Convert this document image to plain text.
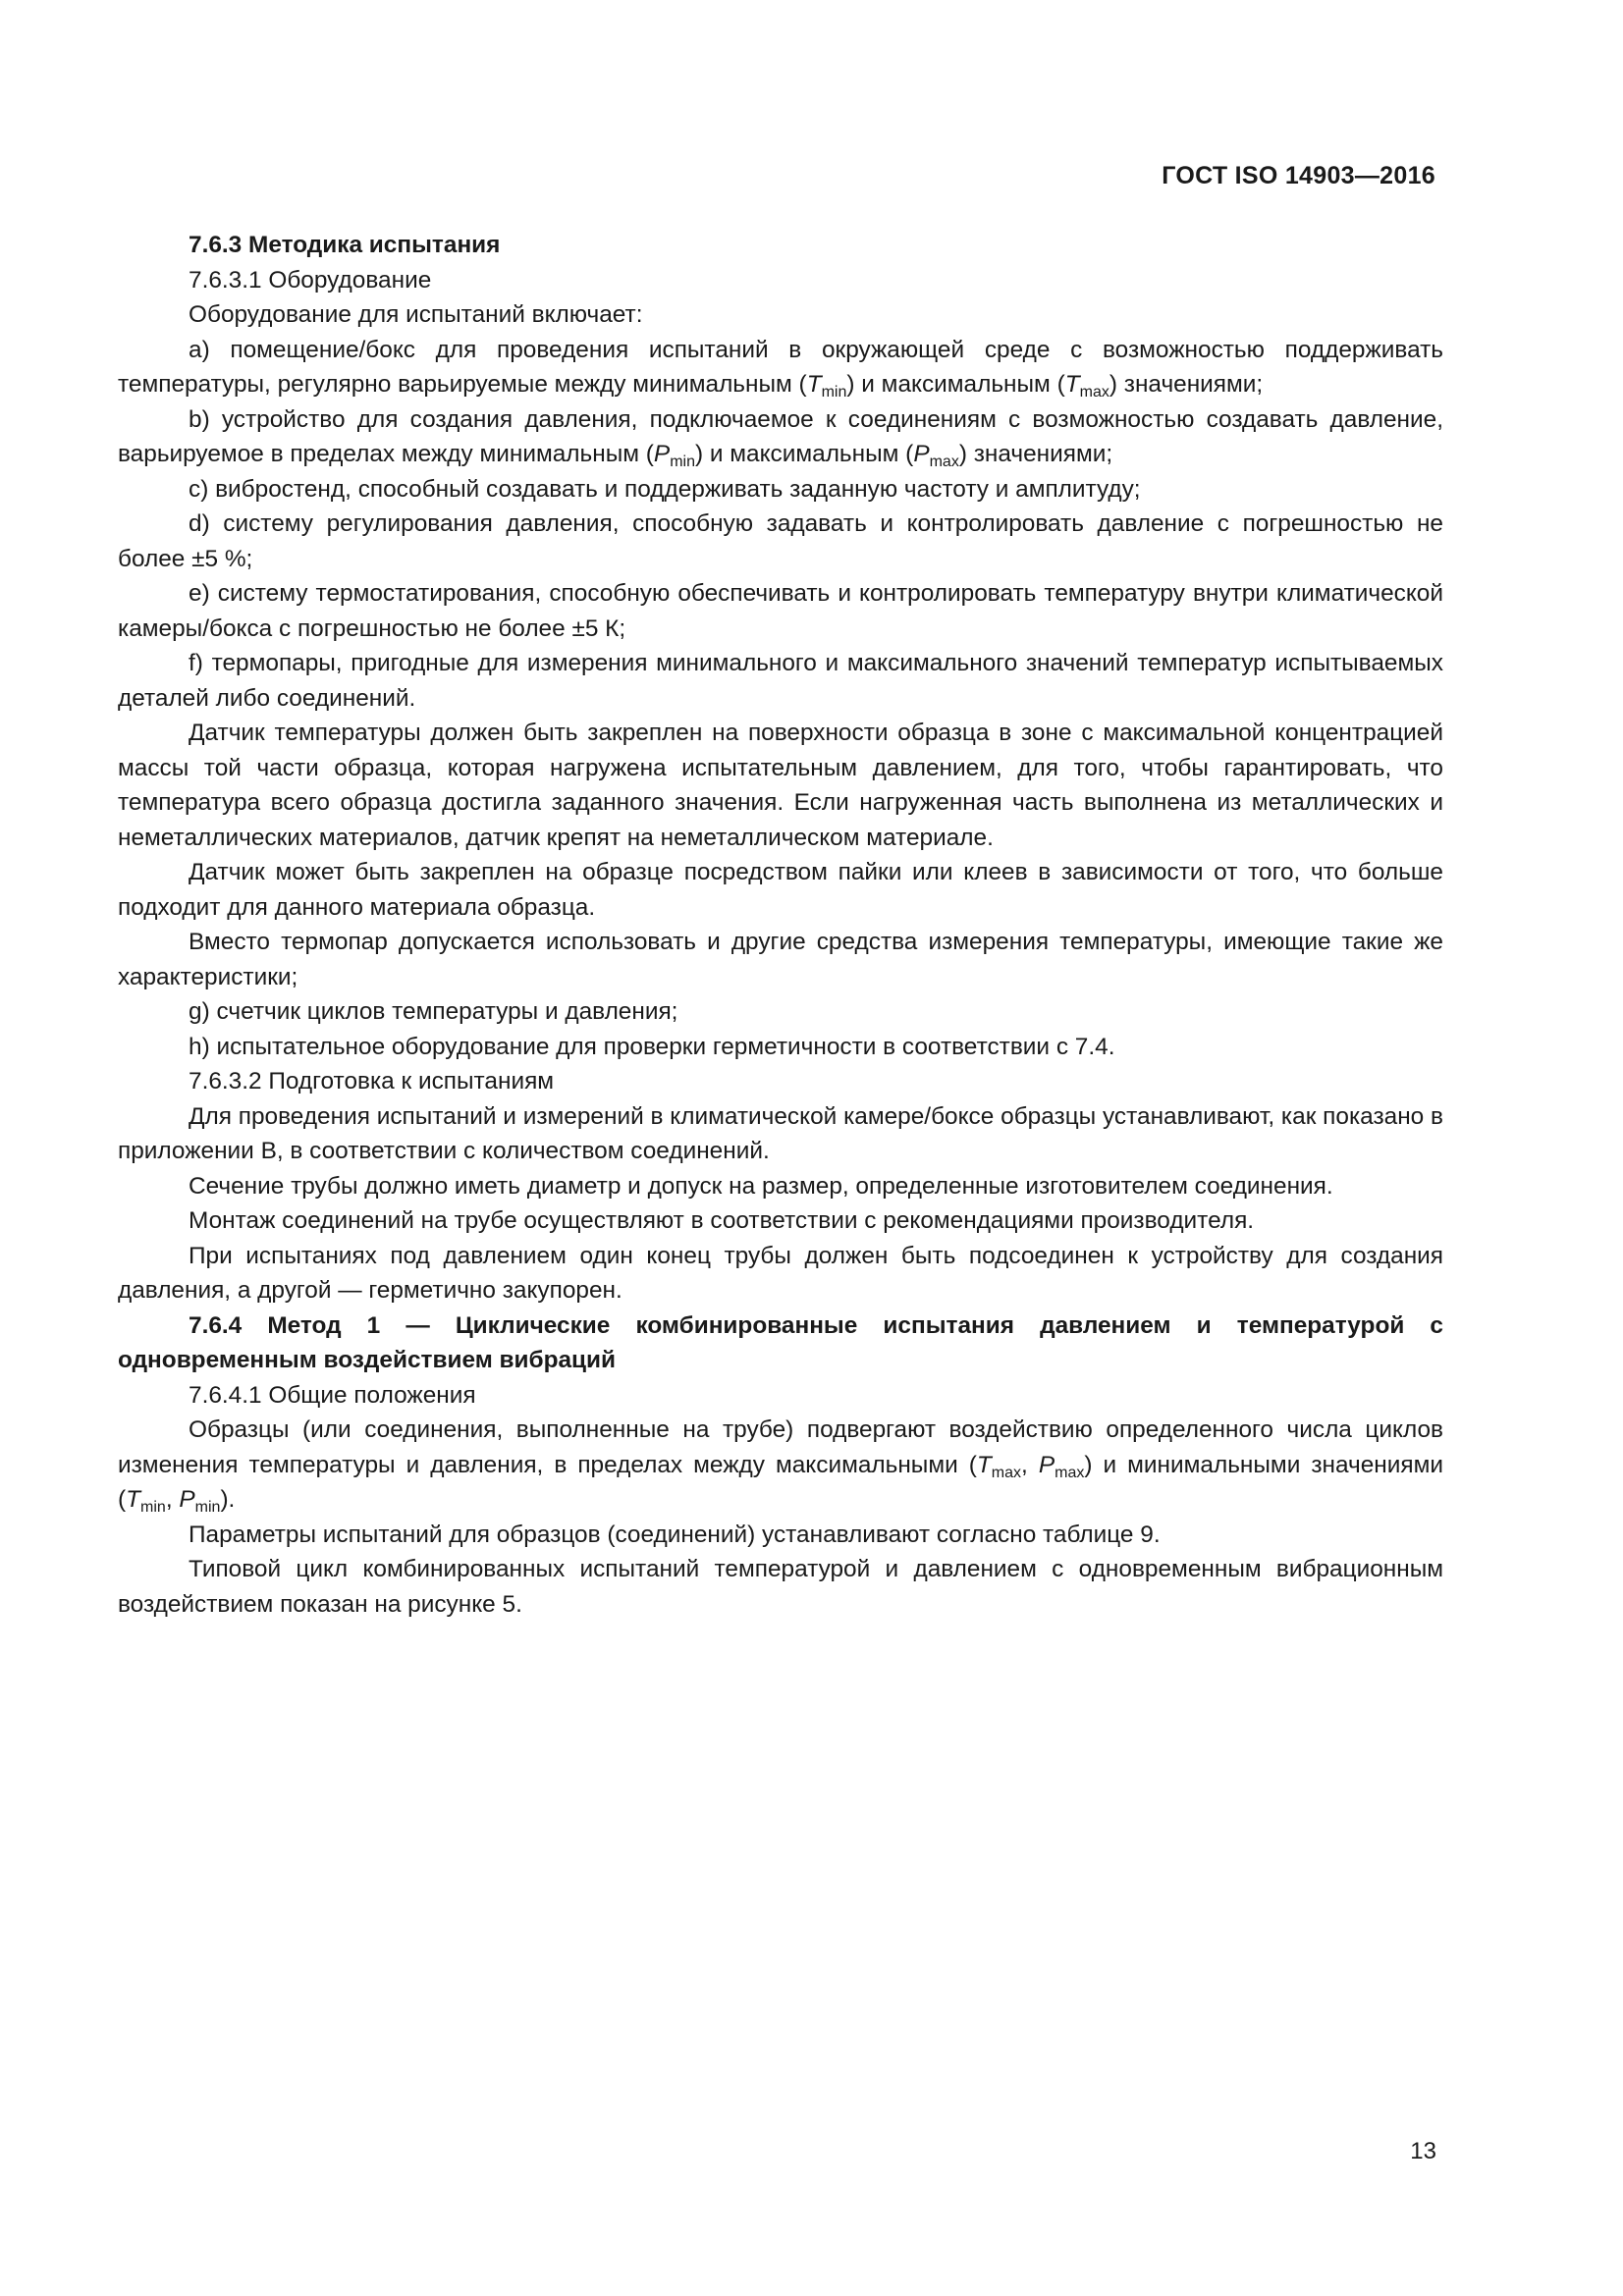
ГОСТ ISO 14903—2016

7.6.3 Методика испытания

7.6.3.1 Оборудование

Оборудование для испытаний включает:

a) помещение/бокс для проведения испытаний в окружающей среде с возможностью поддерживать температуры, регулярно варьируемые между минимальным $(T_{min})$ и максимальным $(T_{max})$ значениями;

b) устройство для создания давления, подключаемое к соединениям с возможностью создавать давление, варьируемое в пределах между минимальным $(P_{min})$ и максимальным $(P_{max})$ значениями;

c) вибростенд, способный создавать и поддерживать заданную частоту и амплитуду;

d) систему регулирования давления, способную задавать и контролировать давление с погрешностью не более ±5 %;

e) систему термостатирования, способную обеспечивать и контролировать температуру внутри климатической камеры/бокса с погрешностью не более ±5 К;

f) термопары, пригодные для измерения минимального и максимального значений температур испытываемых деталей либо соединений.

Датчик температуры должен быть закреплен на поверхности образца в зоне с максимальной концентрацией массы той части образца, которая нагружена испытательным давлением, для того, чтобы гарантировать, что температура всего образца достигла заданного значения. Если нагруженная часть выполнена из металлических и неметаллических материалов, датчик крепят на неметаллическом материале.

Датчик может быть закреплен на образце посредством пайки или клеев в зависимости от того, что больше подходит для данного материала образца.

Вместо термопар допускается использовать и другие средства измерения температуры, имеющие такие же характеристики;

g) счетчик циклов температуры и давления;

h) испытательное оборудование для проверки герметичности в соответствии с 7.4.

7.6.3.2 Подготовка к испытаниям

Для проведения испытаний и измерений в климатической камере/боксе образцы устанавливают, как показано в приложении В, в соответствии с количеством соединений.

Сечение трубы должно иметь диаметр и допуск на размер, определенные изготовителем соединения.

Монтаж соединений на трубе осуществляют в соответствии с рекомендациями производителя.

При испытаниях под давлением один конец трубы должен быть подсоединен к устройству для создания давления, а другой — герметично закупорен.

7.6.4 Метод 1 — Циклические комбинированные испытания давлением и температурой с одновременным воздействием вибраций

7.6.4.1 Общие положения

Образцы (или соединения, выполненные на трубе) подвергают воздействию определенного числа циклов изменения температуры и давления, в пределах между максимальными ($T_{max}$, $P_{max}$) и минимальными значениями ($T_{min}$, $P_{min}$).

Параметры испытаний для образцов (соединений) устанавливают согласно таблице 9.

Типовой цикл комбинированных испытаний температурой и давлением с одновременным вибрационным воздействием показан на рисунке 5.

13
